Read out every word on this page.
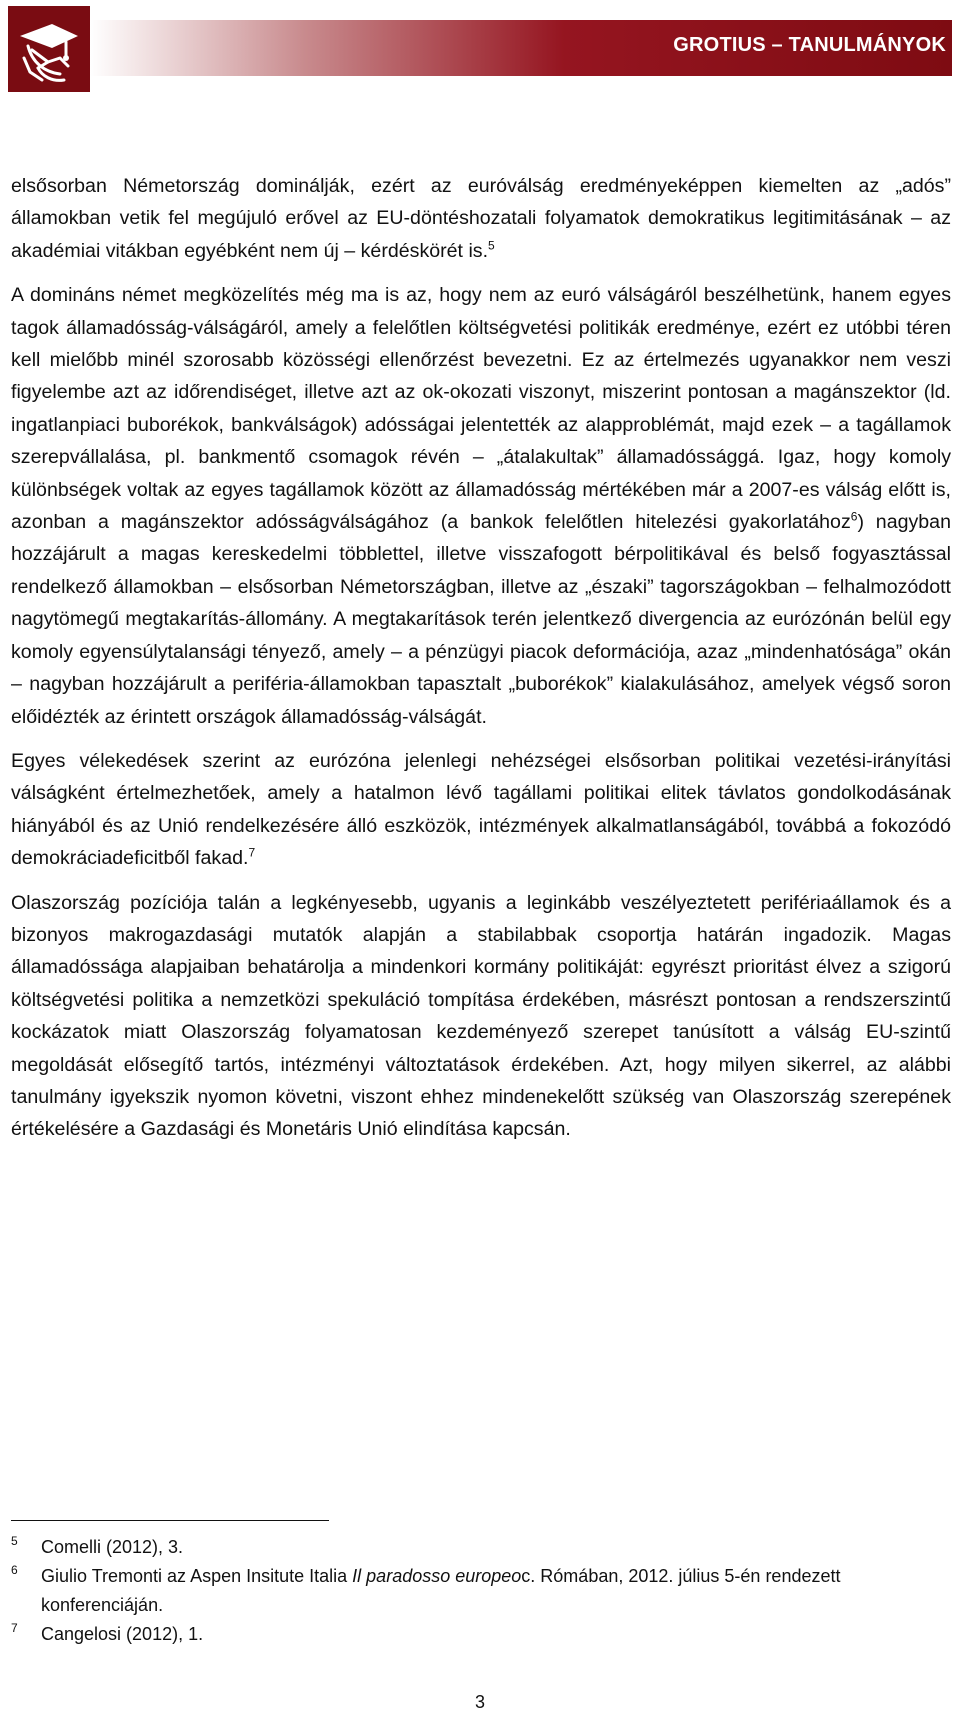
GROTIUS – TANULMÁNYOK

elsősorban Németország dominálják, ezért az euróválság eredményeképpen kiemelten az „adós” államokban vetik fel megújuló erővel az EU-döntéshozatali folyamatok demokratikus legitimitásának – az akadémiai vitákban egyébként nem új – kérdéskörét is.$^5$

A domináns német megközelítés még ma is az, hogy nem az euró válságáról beszélhetünk, hanem egyes tagok államadósság-válságáról, amely a felelőtlen költségvetési politikák eredménye, ezért ez utóbbi téren kell mielőbb minél szorosabb közösségi ellenőrzést bevezetni. Ez az értelmezés ugyanakkor nem veszi figyelembe azt az időrendiséget, illetve azt az ok-okozati viszonyt, miszerint pontosan a magánszektor (ld. ingatlanpiaci buborékok, bankválságok) adósságai jelentették az alapproblémát, majd ezek – a tagállamok szerepvállalása, pl. bankmentő csomagok révén – „átalakultak” államadóssággá. Igaz, hogy komoly különbségek voltak az egyes tagállamok között az államadósság mértékében már a 2007-es válság előtt is, azonban a magánszektor adósságválságához (a bankok felelőtlen hitelezési gyakorlatához$^6$) nagyban hozzájárult a magas kereskedelmi többlettel, illetve visszafogott bérpolitikával és belső fogyasztással rendelkező államokban – elsősorban Németországban, illetve az „északi” tagországokban – felhalmozódott nagytömegű megtakarítás-állomány. A megtakarítások terén jelentkező divergencia az eurózónán belül egy komoly egyensúlytalansági tényező, amely – a pénzügyi piacok deformációja, azaz „mindenhatósága” okán – nagyban hozzájárult a periféria-államokban tapasztalt „buborékok” kialakulásához, amelyek végső soron előidézték az érintett országok államadósság-válságát.

Egyes vélekedések szerint az eurózóna jelenlegi nehézségei elsősorban politikai vezetési-irányítási válságként értelmezhetőek, amely a hatalmon lévő tagállami politikai elitek távlatos gondolkodásának hiányából és az Unió rendelkezésére álló eszközök, intézmények alkalmatlanságából, továbbá a fokozódó demokráciadeficitből fakad.$^7$

Olaszország pozíciója talán a legkényesebb, ugyanis a leginkább veszélyeztetett perifériaállamok és a bizonyos makrogazdasági mutatók alapján a stabilabbak csoportja határán ingadozik. Magas államadóssága alapjaiban behatárolja a mindenkori kormány politikáját: egyrészt prioritást élvez a szigorú költségvetési politika a nemzetközi spekuláció tompítása érdekében, másrészt pontosan a rendszerszintű kockázatok miatt Olaszország folyamatosan kezdeményező szerepet tanúsított a válság EU-szintű megoldását elősegítő tartós, intézményi változtatások érdekében. Azt, hogy milyen sikerrel, az alábbi tanulmány igyekszik nyomon követni, viszont ehhez mindenekelőtt szükség van Olaszország szerepének értékelésére a Gazdasági és Monetáris Unió elindítása kapcsán.

5 Comelli (2012), 3.
6 Giulio Tremonti az Aspen Insitute Italia Il paradosso europeoc. Rómában, 2012. július 5-én rendezett konferenciáján.
7 Cangelosi (2012), 1.
3
